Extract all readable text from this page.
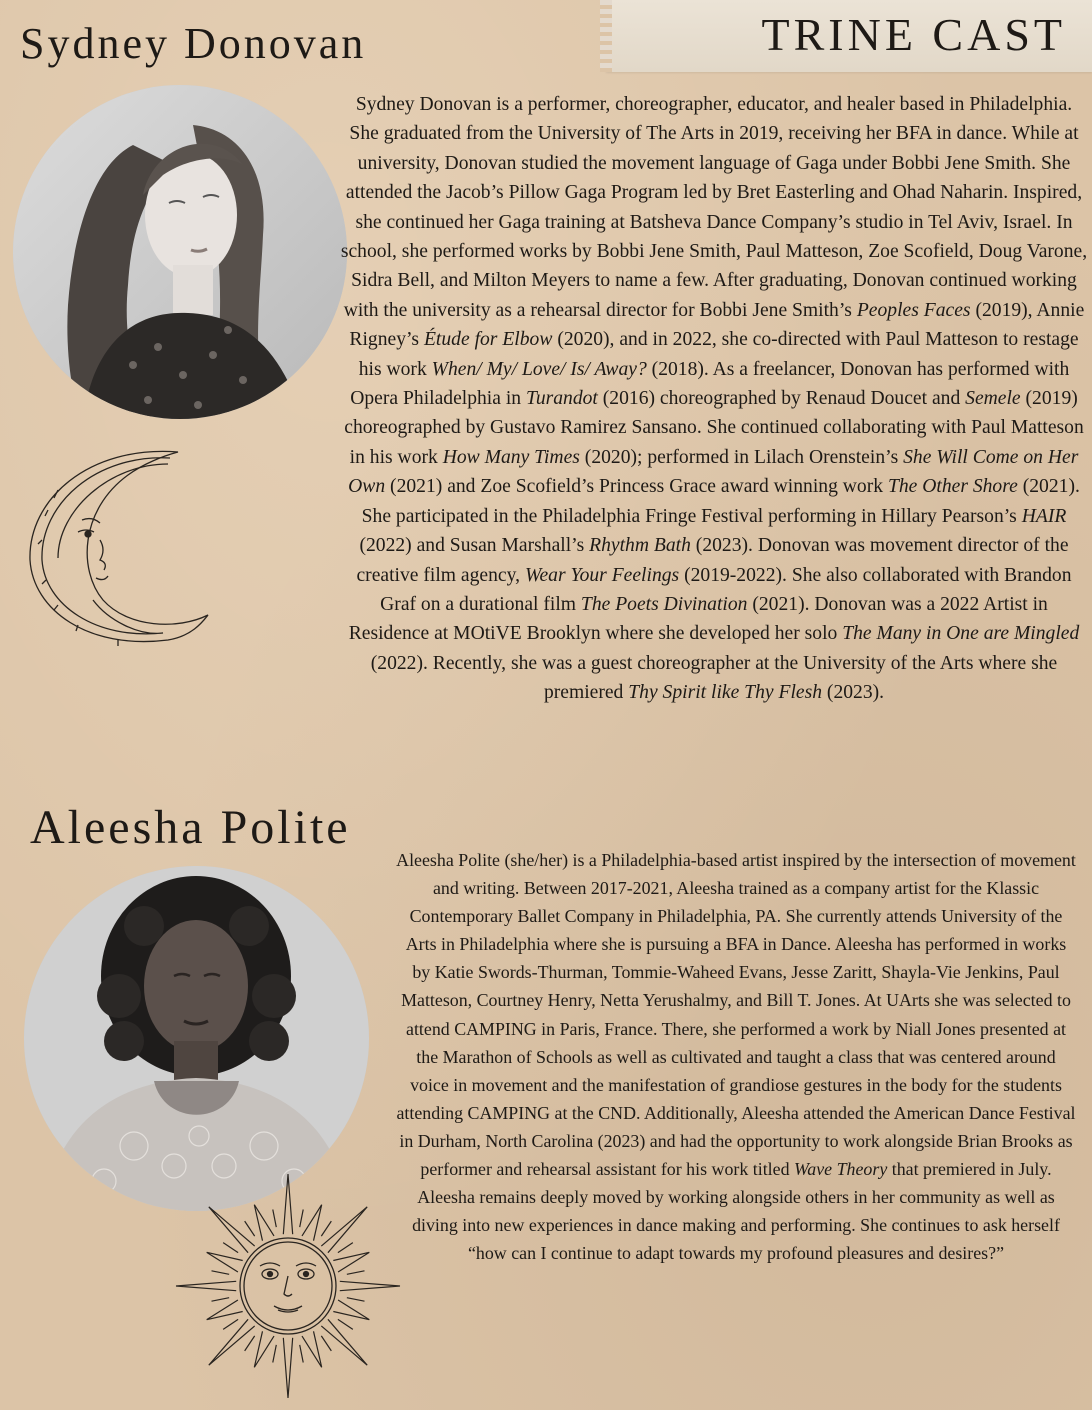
TRINE CAST
Sydney Donovan

Sydney Donovan is a performer, choreographer, educator, and healer based in Philadelphia. She graduated from the University of The Arts in 2019, receiving her BFA in dance. While at university, Donovan studied the movement language of Gaga under Bobbi Jene Smith. She attended the Jacob’s Pillow Gaga Program led by Bret Easterling and Ohad Naharin. Inspired, she continued her Gaga training at Batsheva Dance Company’s studio in Tel Aviv, Israel. In school, she performed works by Bobbi Jene Smith, Paul Matteson, Zoe Scofield, Doug Varone, Sidra Bell, and Milton Meyers to name a few. After graduating, Donovan continued working with the university as a rehearsal director for Bobbi Jene Smith’s Peoples Faces (2019), Annie Rigney’s Étude for Elbow (2020), and in 2022, she co-directed with Paul Matteson to restage his work When/ My/ Love/ Is/ Away? (2018). As a freelancer, Donovan has performed with Opera Philadelphia in Turandot (2016) choreographed by Renaud Doucet and Semele (2019) choreographed by Gustavo Ramirez Sansano. She continued collaborating with Paul Matteson in his work How Many Times (2020); performed in Lilach Orenstein’s She Will Come on Her Own (2021) and Zoe Scofield’s Princess Grace award winning work The Other Shore (2021). She participated in the Philadelphia Fringe Festival performing in Hillary Pearson’s HAIR (2022) and Susan Marshall’s Rhythm Bath (2023). Donovan was movement director of the creative film agency, Wear Your Feelings (2019-2022). She also collaborated with Brandon Graf on a durational film The Poets Divination (2021). Donovan was a 2022 Artist in Residence at MOtiVE Brooklyn where she developed her solo The Many in One are Mingled (2022). Recently, she was a guest choreographer at the University of the Arts where she premiered Thy Spirit like Thy Flesh (2023).

Aleesha Polite

Aleesha Polite (she/her) is a Philadelphia-based artist inspired by the intersection of movement and writing. Between 2017-2021, Aleesha trained as a company artist for the Klassic Contemporary Ballet Company in Philadelphia, PA. She currently attends University of the Arts in Philadelphia where she is pursuing a BFA in Dance. Aleesha has performed in works by Katie Swords-Thurman, Tommie-Waheed Evans, Jesse Zaritt, Shayla-Vie Jenkins, Paul Matteson, Courtney Henry, Netta Yerushalmy, and Bill T. Jones. At UArts she was selected to attend CAMPING in Paris, France. There, she performed a work by Niall Jones presented at the Marathon of Schools as well as cultivated and taught a class that was centered around voice in movement and the manifestation of grandiose gestures in the body for the students attending CAMPING at the CND. Additionally, Aleesha attended the American Dance Festival in Durham, North Carolina (2023) and had the opportunity to work alongside Brian Brooks as performer and rehearsal assistant for his work titled Wave Theory that premiered in July. Aleesha remains deeply moved by working alongside others in her community as well as diving into new experiences in dance making and performing. She continues to ask herself “how can I continue to adapt towards my profound pleasures and desires?”
